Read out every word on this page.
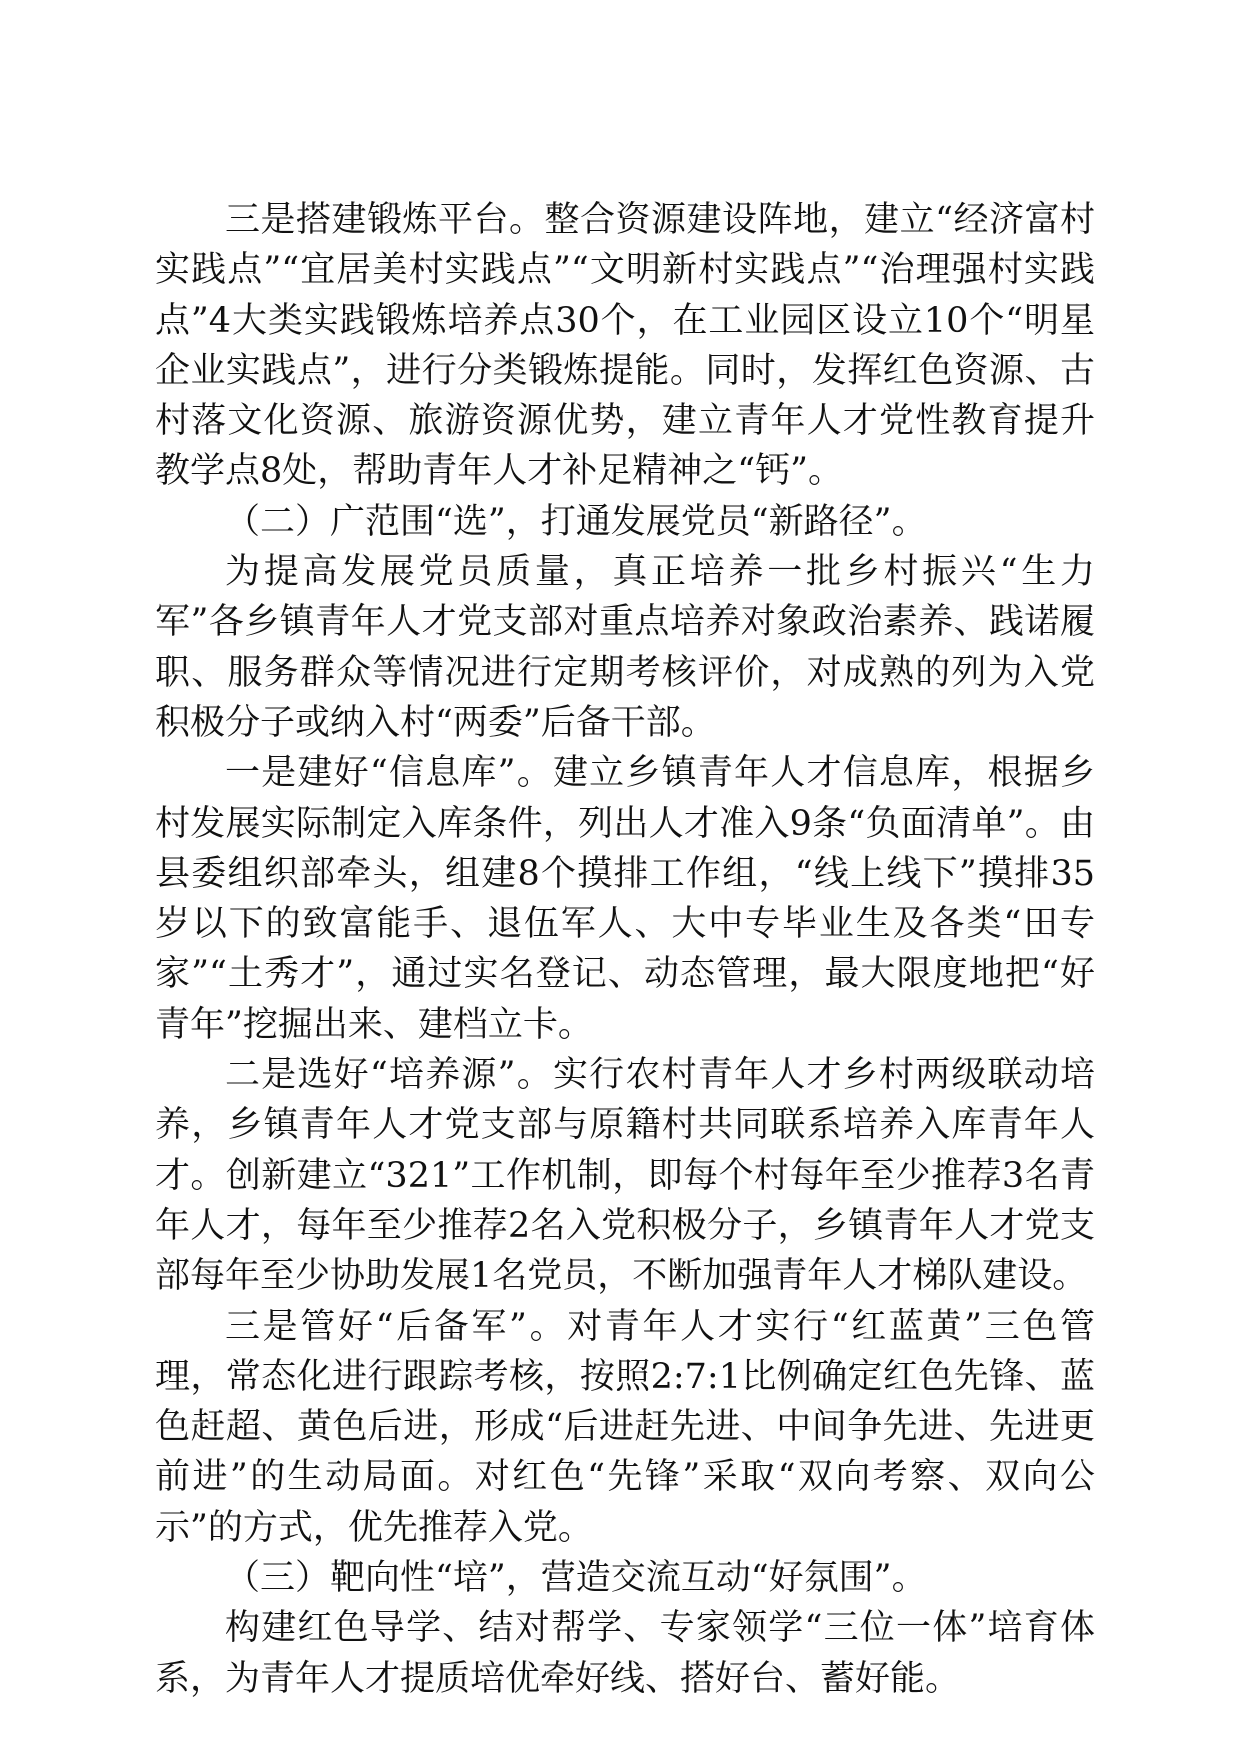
三是搭建锻炼平台。整合资源建设阵地，建立“经济富村实践点”“宜居美村实践点”“文明新村实践点”“治理强村实践点”4大类实践锻炼培养点30个，在工业园区设立10个“明星企业实践点”，进行分类锻炼提能。同时，发挥红色资源、古村落文化资源、旅游资源优势，建立青年人才党性教育提升教学点8处，帮助青年人才补足精神之“钙”。

（二）广范围“选”，打通发展党员“新路径”。

为提高发展党员质量，真正培养一批乡村振兴“生力军”各乡镇青年人才党支部对重点培养对象政治素养、践诺履职、服务群众等情况进行定期考核评价，对成熟的列为入党积极分子或纳入村“两委”后备干部。

一是建好“信息库”。建立乡镇青年人才信息库，根据乡村发展实际制定入库条件，列出人才准入9条“负面清单”。由县委组织部牵头，组建8个摸排工作组，“线上线下”摸排35岁以下的致富能手、退伍军人、大中专毕业生及各类“田专家”“土秀才”，通过实名登记、动态管理，最大限度地把“好青年”挖掘出来、建档立卡。

二是选好“培养源”。实行农村青年人才乡村两级联动培养，乡镇青年人才党支部与原籍村共同联系培养入库青年人才。创新建立“321”工作机制，即每个村每年至少推荐3名青年人才，每年至少推荐2名入党积极分子，乡镇青年人才党支部每年至少协助发展1名党员，不断加强青年人才梯队建设。

三是管好“后备军”。对青年人才实行“红蓝黄”三色管理，常态化进行跟踪考核，按照2:7:1比例确定红色先锋、蓝色赶超、黄色后进，形成“后进赶先进、中间争先进、先进更前进”的生动局面。对红色“先锋”采取“双向考察、双向公示”的方式，优先推荐入党。

（三）靶向性“培”，营造交流互动“好氛围”。

构建红色导学、结对帮学、专家领学“三位一体”培育体系，为青年人才提质培优牵好线、搭好台、蓄好能。
